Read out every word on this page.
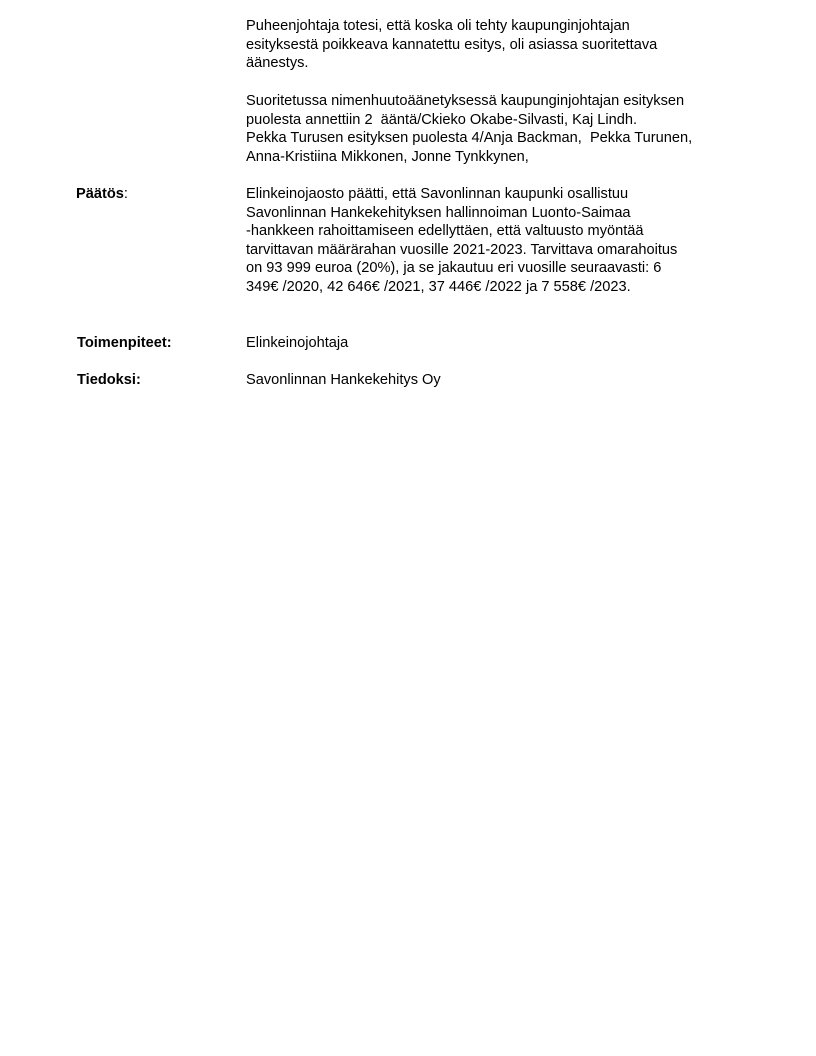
Puheenjohtaja totesi, että koska oli tehty kaupunginjohtajan
esityksestä poikkeava kannatettu esitys, oli asiassa suoritettava
äänestys.
Suoritetussa nimenhuutoäänetyksessä kaupunginjohtajan esityksen
puolesta annettiin 2  ääntä/Ckieko Okabe-Silvasti, Kaj Lindh.
Pekka Turusen esityksen puolesta 4/Anja Backman,  Pekka Turunen,
Anna-Kristiina Mikkonen, Jonne Tynkkynen,
Päätös:	Elinkeinojaosto päätti, että Savonlinnan kaupunki osallistuu
Savonlinnan Hankekehityksen hallinnoiman Luonto-Saimaa
-hankkeen rahoittamiseen edellyttäen, että valtuusto myöntää
tarvittavan määrärahan vuosille 2021-2023. Tarvittava omarahoitus
on 93 999 euroa (20%), ja se jakautuu eri vuosille seuraavasti: 6
349€ /2020, 42 646€ /2021, 37 446€ /2022 ja 7 558€ /2023.
Toimenpiteet:	Elinkeinojohtaja
Tiedoksi:	Savonlinnan Hankekehitys Oy
